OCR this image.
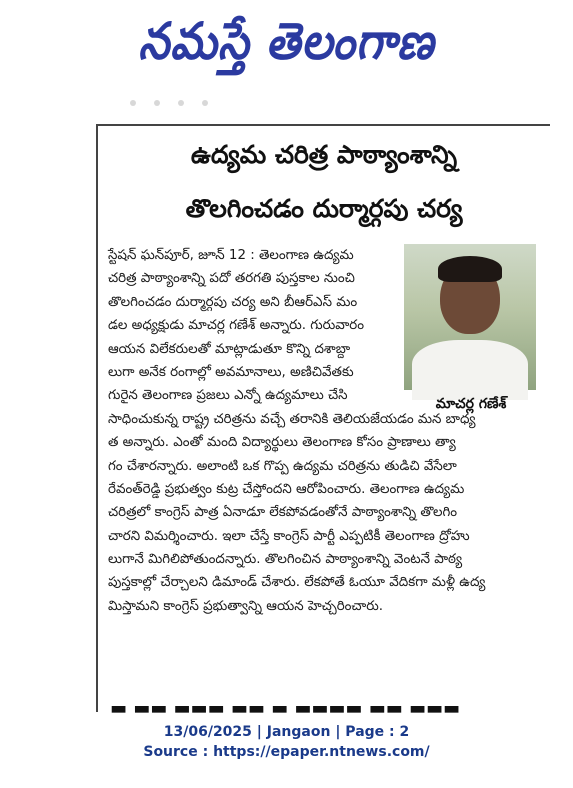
నమస్తే తెలంగాణ
ఉద్యమ చరిత్ర పాఠ్యాంశాన్ని
తొలగించడం దుర్మార్గపు చర్య
మాచర్ల గణేశ్
స్టేషన్ ఘన్‌పూర్, జూన్ 12 : తెలంగాణ ఉద్యమ
చరిత్ర పాఠ్యాంశాన్ని పదో తరగతి పుస్తకాల నుంచి
తొలగించడం దుర్మార్గపు చర్య అని బీఆర్‌ఎస్ మం
డల అధ్యక్షుడు మాచర్ల గణేశ్ అన్నారు. గురువారం
ఆయన విలేకరులతో మాట్లాడుతూ కొన్ని దశాబ్దా
లుగా అనేక రంగాల్లో అవమానాలు, అణిచివేతకు
గురైన తెలంగాణ ప్రజలు ఎన్నో ఉద్యమాలు చేసి
సాధించుకున్న రాష్ట్ర చరిత్రను వచ్చే తరానికి తెలియజేయడం మన బాధ్య
త అన్నారు. ఎంతో మంది విద్యార్థులు తెలంగాణ కోసం ప్రాణాలు త్యా
గం చేశారన్నారు. అలాంటి ఒక గొప్ప ఉద్యమ చరిత్రను తుడిచి వేసేలా
రేవంత్‌రెడ్డి ప్రభుత్వం కుట్ర చేస్తోందని ఆరోపించారు. తెలంగాణ ఉద్యమ
చరిత్రలో కాంగ్రెస్ పాత్ర ఏనాడూ లేకపోవడంతోనే పాఠ్యాంశాన్ని తొలగిం
చారని విమర్శించారు. ఇలా చేస్తే కాంగ్రెస్ పార్టీ ఎప్పటికీ తెలంగాణ ద్రోహు
లుగానే మిగిలిపోతుందన్నారు. తొలగించిన పాఠ్యాంశాన్ని వెంటనే పాఠ్య
పుస్తకాల్లో చేర్చాలని డిమాండ్ చేశారు. లేకపోతే ఓయూ వేదికగా మళ్లీ ఉద్య
మిస్తామని కాంగ్రెస్ ప్రభుత్వాన్ని ఆయన హెచ్చరించారు.
▬ ▬▬ ▬▬▬ ▬▬ ▬ ▬▬▬▬ ▬▬ ▬▬▬
13/06/2025 | Jangaon | Page : 2
Source : https://epaper.ntnews.com/
